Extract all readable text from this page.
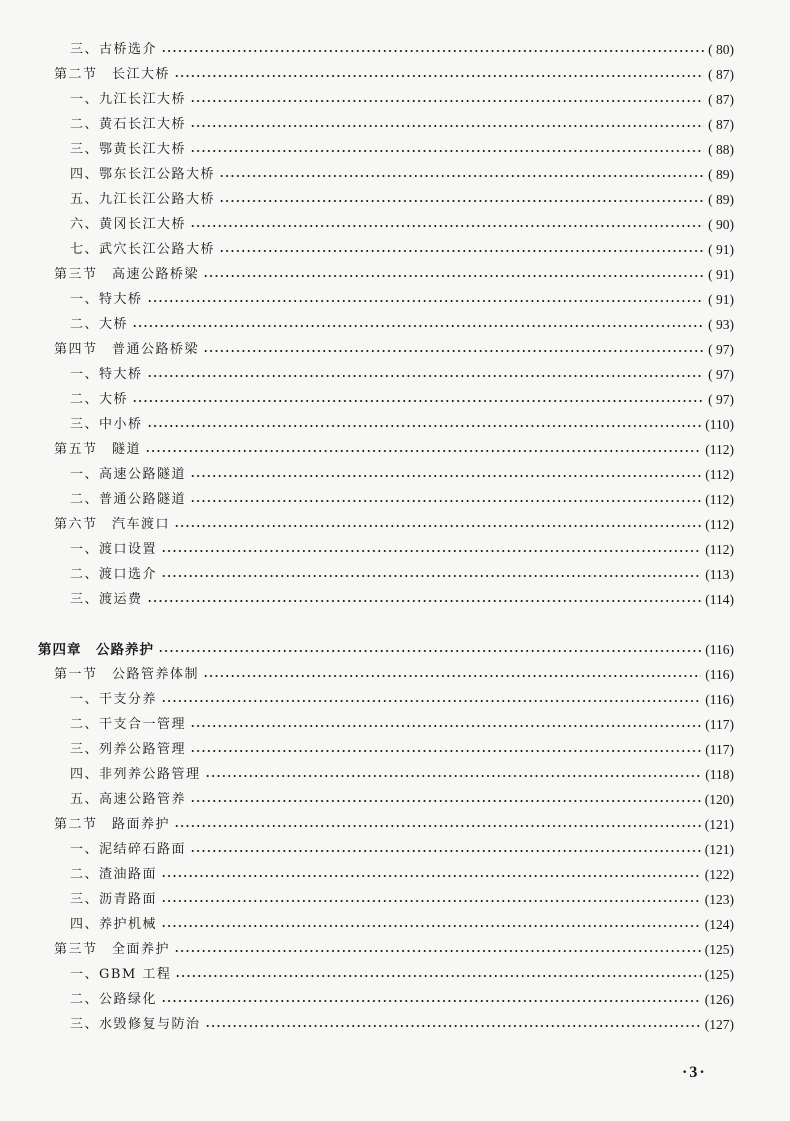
三、古桥选介	( 80)
第二节　长江大桥	( 87)
一、九江长江大桥	( 87)
二、黄石长江大桥	( 87)
三、鄂黄长江大桥	( 88)
四、鄂东长江公路大桥	( 89)
五、九江长江公路大桥	( 89)
六、黄冈长江大桥	( 90)
七、武穴长江公路大桥	( 91)
第三节　高速公路桥梁	( 91)
一、特大桥	( 91)
二、大桥	( 93)
第四节　普通公路桥梁	( 97)
一、特大桥	( 97)
二、大桥	( 97)
三、中小桥	(110)
第五节　隧道	(112)
一、高速公路隧道	(112)
二、普通公路隧道	(112)
第六节　汽车渡口	(112)
一、渡口设置	(112)
二、渡口选介	(113)
三、渡运费	(114)
第四章　公路养护	(116)
第一节　公路管养体制	(116)
一、干支分养	(116)
二、干支合一管理	(117)
三、列养公路管理	(117)
四、非列养公路管理	(118)
五、高速公路管养	(120)
第二节　路面养护	(121)
一、泥结碎石路面	(121)
二、渣油路面	(122)
三、沥青路面	(123)
四、养护机械	(124)
第三节　全面养护	(125)
一、GBM 工程	(125)
二、公路绿化	(126)
三、水毁修复与防治	(127)
·3·
